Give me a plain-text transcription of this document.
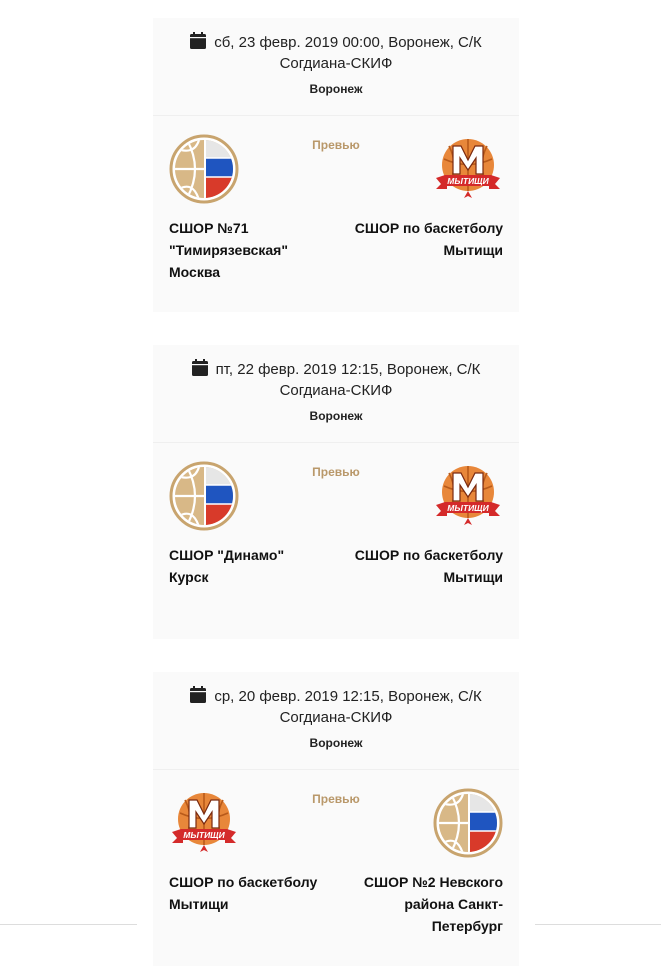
сб, 23 февр. 2019 00:00, Воронеж, С/К Согдиана-СКИФ
Воронеж
Превью
СШОР №71 "Тимирязевская" Москва
СШОР по баскетболу Мытищи
пт, 22 февр. 2019 12:15, Воронеж, С/К Согдиана-СКИФ
Воронеж
Превью
СШОР "Динамо" Курск
СШОР по баскетболу Мытищи
ср, 20 февр. 2019 12:15, Воронеж, С/К Согдиана-СКИФ
Воронеж
Превью
СШОР по баскетболу Мытищи
СШОР №2 Невского района Санкт-Петербург
